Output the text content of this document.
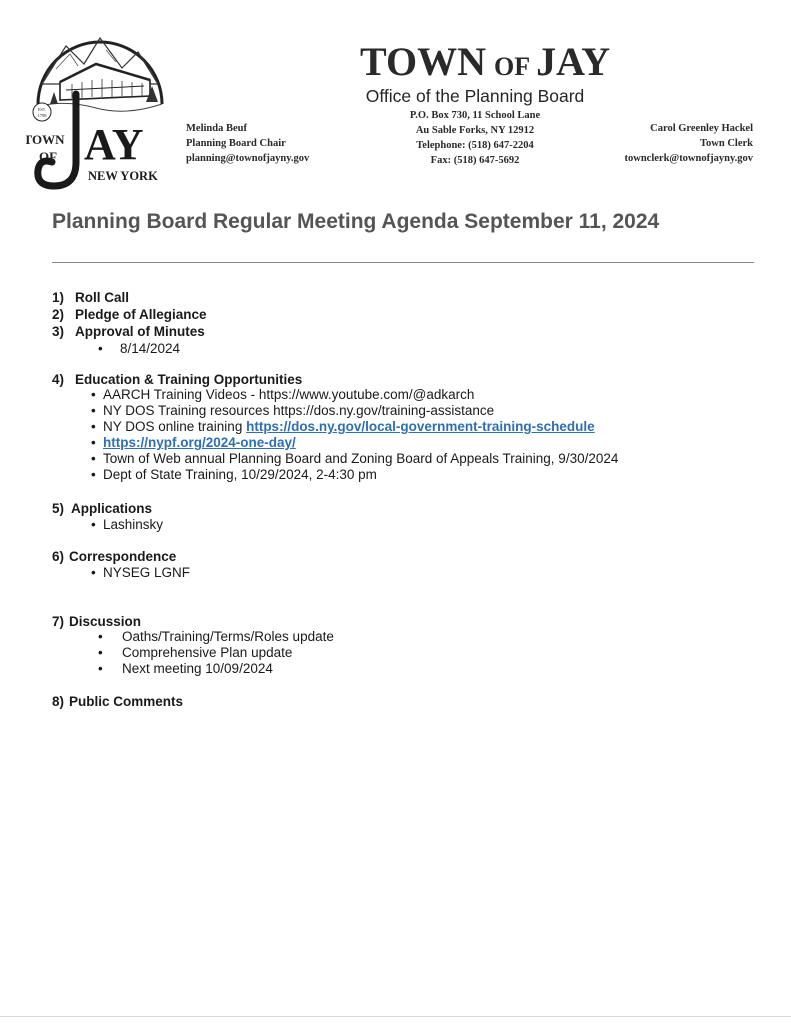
EST.
1798
TOWN
OF AY
NEW YORK
TOWN OF JAY
Office of the Planning Board
P.O. Box 730, 11 School Lane
Au Sable Forks, NY 12912
Telephone: (518) 647-2204
Fax: (518) 647-5692
Melinda Beuf
Planning Board Chair
planning@townofjayny.gov
Carol Greenley Hackel
Town Clerk
townclerk@townofjayny.gov
Planning Board Regular Meeting Agenda September 11, 2024
1) Roll Call
2) Pledge of Allegiance
3) Approval of Minutes
• 8/14/2024
4) Education & Training Opportunities
• AARCH Training Videos - https://www.youtube.com/@adkarch
• NY DOS Training resources https://dos.ny.gov/training-assistance
• NY DOS online training https://dos.ny.gov/local-government-training-schedule
• https://nypf.org/2024-one-day/
• Town of Web annual Planning Board and Zoning Board of Appeals Training, 9/30/2024
• Dept of State Training, 10/29/2024, 2-4:30 pm
5) Applications
• Lashinsky
6) Correspondence
• NYSEG LGNF
7) Discussion
• Oaths/Training/Terms/Roles update
• Comprehensive Plan update
• Next meeting 10/09/2024
8) Public Comments
